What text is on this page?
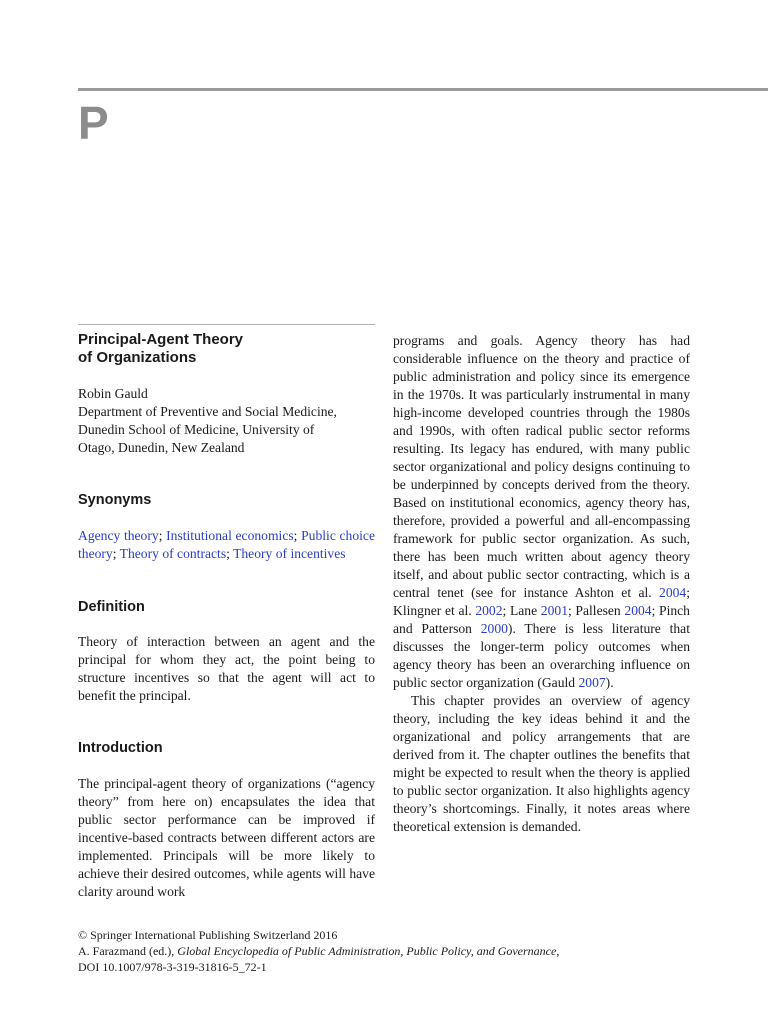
P
Principal-Agent Theory
of Organizations
Robin Gauld
Department of Preventive and Social Medicine,
Dunedin School of Medicine, University of
Otago, Dunedin, New Zealand
Synonyms

Agency theory; Institutional economics; Public choice theory; Theory of contracts; Theory of incentives

Definition

Theory of interaction between an agent and the principal for whom they act, the point being to structure incentives so that the agent will act to benefit the principal.

Introduction

The principal-agent theory of organizations (“agency theory” from here on) encapsulates the idea that public sector performance can be improved if incentive-based contracts between different actors are implemented. Principals will be more likely to achieve their desired outcomes, while agents will have clarity around work

programs and goals. Agency theory has had considerable influence on the theory and practice of public administration and policy since its emergence in the 1970s. It was particularly instrumental in many high-income developed countries through the 1980s and 1990s, with often radical public sector reforms resulting. Its legacy has endured, with many public sector organizational and policy designs continuing to be underpinned by concepts derived from the theory. Based on institutional economics, agency theory has, therefore, provided a powerful and all-encompassing framework for public sector organization. As such, there has been much written about agency theory itself, and about public sector contracting, which is a central tenet (see for instance Ashton et al. 2004; Klingner et al. 2002; Lane 2001; Pallesen 2004; Pinch and Patterson 2000). There is less literature that discusses the longer-term policy outcomes when agency theory has been an overarching influence on public sector organization (Gauld 2007).

This chapter provides an overview of agency theory, including the key ideas behind it and the organizational and policy arrangements that are derived from it. The chapter outlines the benefits that might be expected to result when the theory is applied to public sector organization. It also highlights agency theory’s shortcomings. Finally, it notes areas where theoretical extension is demanded.

© Springer International Publishing Switzerland 2016
A. Farazmand (ed.), Global Encyclopedia of Public Administration, Public Policy, and Governance,
DOI 10.1007/978-3-319-31816-5_72-1
